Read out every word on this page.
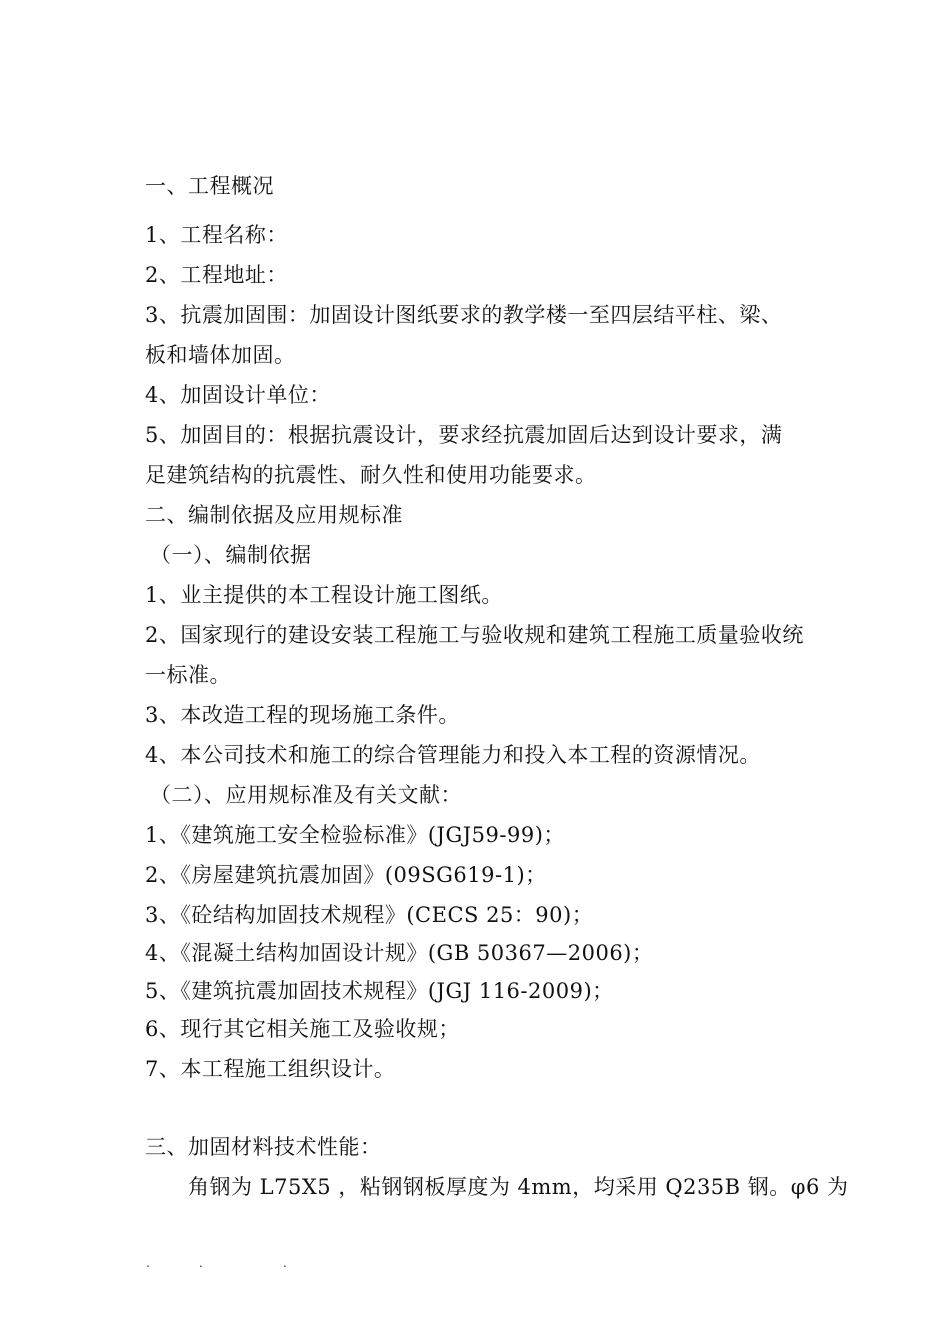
一、工程概况
1、工程名称：
2、工程地址：
3、抗震加固围：加固设计图纸要求的教学楼一至四层结平柱、梁、
板和墙体加固。
4、加固设计单位：
5、加固目的：根据抗震设计，要求经抗震加固后达到设计要求，满
足建筑结构的抗震性、耐久性和使用功能要求。
二、编制依据及应用规标准
（一）、编制依据
1、业主提供的本工程设计施工图纸。
2、国家现行的建设安装工程施工与验收规和建筑工程施工质量验收统
一标准。
3、本改造工程的现场施工条件。
4、本公司技术和施工的综合管理能力和投入本工程的资源情况。
（二）、应用规标准及有关文献：
1、《建筑施工安全检验标准》(JGJ59-99)；
2、《房屋建筑抗震加固》(09SG619-1)；
3、《砼结构加固技术规程》(CECS 25：90)；
4、《混凝土结构加固设计规》(GB 50367—2006)；
5、《建筑抗震加固技术规程》(JGJ 116-2009)；
6、现行其它相关施工及验收规；
7、本工程施工组织设计。
三、加固材料技术性能：
角钢为 L75X5 ，粘钢钢板厚度为 4mm，均采用 Q235B 钢。φ6 为
.	.	.
